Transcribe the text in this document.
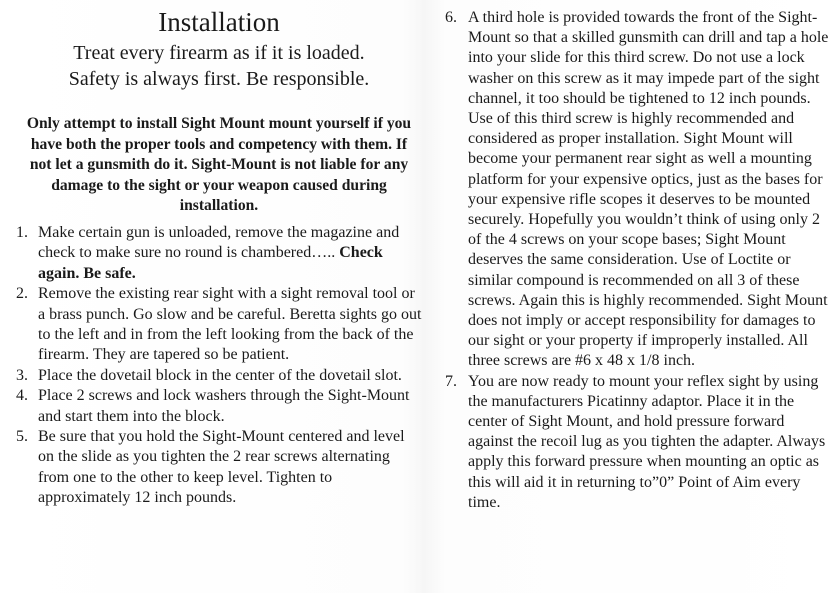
Installation

Treat every firearm as if it is loaded.

Safety is always first. Be responsible.

Only attempt to install Sight Mount mount yourself if you have both the proper tools and competency with them. If not let a gunsmith do it. Sight-Mount is not liable for any damage to the sight or your weapon caused during installation.

1. Make certain gun is unloaded, remove the magazine and check to make sure no round is chambered….. Check again. Be safe.
2. Remove the existing rear sight with a sight removal tool or a brass punch. Go slow and be careful. Beretta sights go out to the left and in from the left looking from the back of the firearm. They are tapered so be patient.
3. Place the dovetail block in the center of the dovetail slot.
4. Place 2 screws and lock washers through the Sight-Mount and start them into the block.
5. Be sure that you hold the Sight-Mount centered and level on the slide as you tighten the 2 rear screws alternating from one to the other to keep level. Tighten to approximately 12 inch pounds.
6. A third hole is provided towards the front of the Sight-Mount so that a skilled gunsmith can drill and tap a hole into your slide for this third screw. Do not use a lock washer on this screw as it may impede part of the sight channel, it too should be tightened to 12 inch pounds. Use of this third screw is highly recommended and considered as proper installation. Sight Mount will become your permanent rear sight as well a mounting platform for your expensive optics, just as the bases for your expensive rifle scopes it deserves to be mounted securely. Hopefully you wouldn’t think of using only 2 of the 4 screws on your scope bases; Sight Mount deserves the same consideration. Use of Loctite or similar compound is recommended on all 3 of these screws. Again this is highly recommended. Sight Mount does not imply or accept responsibility for damages to our sight or your property if improperly installed. All three screws are #6 x 48 x 1/8 inch.
7. You are now ready to mount your reflex sight by using the manufacturers Picatinny adaptor. Place it in the center of Sight Mount, and hold pressure forward against the recoil lug as you tighten the adapter. Always apply this forward pressure when mounting an optic as this will aid it in returning to”0” Point of Aim every time.
